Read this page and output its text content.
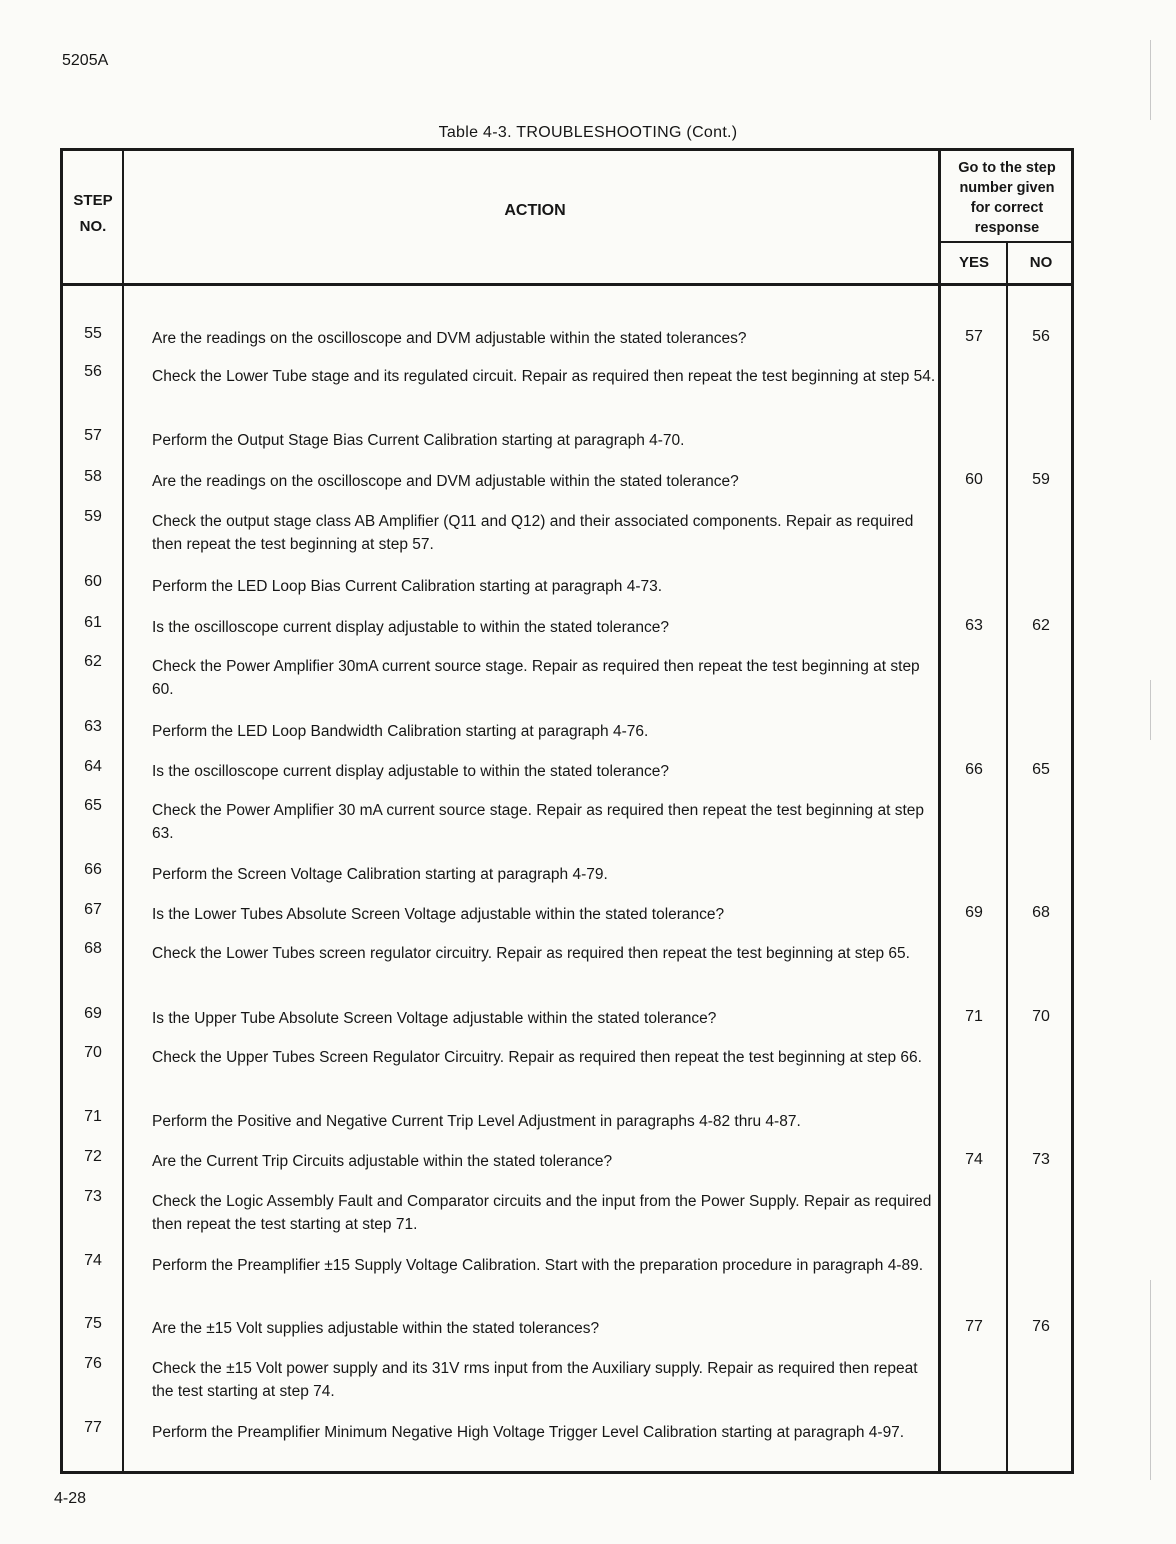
5205A
Table 4-3. TROUBLESHOOTING (Cont.)
STEP
NO.
ACTION
Go to the step
number given
for correct
response
YES	NO
55	Are the readings on the oscilloscope and DVM adjustable within the stated tolerances?	57	56
56	Check the Lower Tube stage and its regulated circuit. Repair as required then repeat the test beginning at step 54.
57	Perform the Output Stage Bias Current Calibration starting at paragraph 4-70.
58	Are the readings on the oscilloscope and DVM adjustable within the stated tolerance?	60	59
59	Check the output stage class AB Amplifier (Q11 and Q12) and their associated components. Repair as required then repeat the test beginning at step 57.
60	Perform the LED Loop Bias Current Calibration starting at paragraph 4-73.
61	Is the oscilloscope current display adjustable to within the stated tolerance?	63	62
62	Check the Power Amplifier 30mA current source stage. Repair as required then repeat the test beginning at step 60.
63	Perform the LED Loop Bandwidth Calibration starting at paragraph 4-76.
64	Is the oscilloscope current display adjustable to within the stated tolerance?	66	65
65	Check the Power Amplifier 30 mA current source stage. Repair as required then repeat the test beginning at step 63.
66	Perform the Screen Voltage Calibration starting at paragraph 4-79.
67	Is the Lower Tubes Absolute Screen Voltage adjustable within the stated tolerance?	69	68
68	Check the Lower Tubes screen regulator circuitry. Repair as required then repeat the test beginning at step 65.
69	Is the Upper Tube Absolute Screen Voltage adjustable within the stated tolerance?	71	70
70	Check the Upper Tubes Screen Regulator Circuitry. Repair as required then repeat the test beginning at step 66.
71	Perform the Positive and Negative Current Trip Level Adjustment in paragraphs 4-82 thru 4-87.
72	Are the Current Trip Circuits adjustable within the stated tolerance?	74	73
73	Check the Logic Assembly Fault and Comparator circuits and the input from the Power Supply. Repair as required then repeat the test starting at step 71.
74	Perform the Preamplifier ±15 Supply Voltage Calibration. Start with the preparation procedure in paragraph 4-89.
75	Are the ±15 Volt supplies adjustable within the stated tolerances?	77	76
76	Check the ±15 Volt power supply and its 31V rms input from the Auxiliary supply. Repair as required then repeat the test starting at step 74.
77	Perform the Preamplifier Minimum Negative High Voltage Trigger Level Calibration starting at paragraph 4-97.
4-28
